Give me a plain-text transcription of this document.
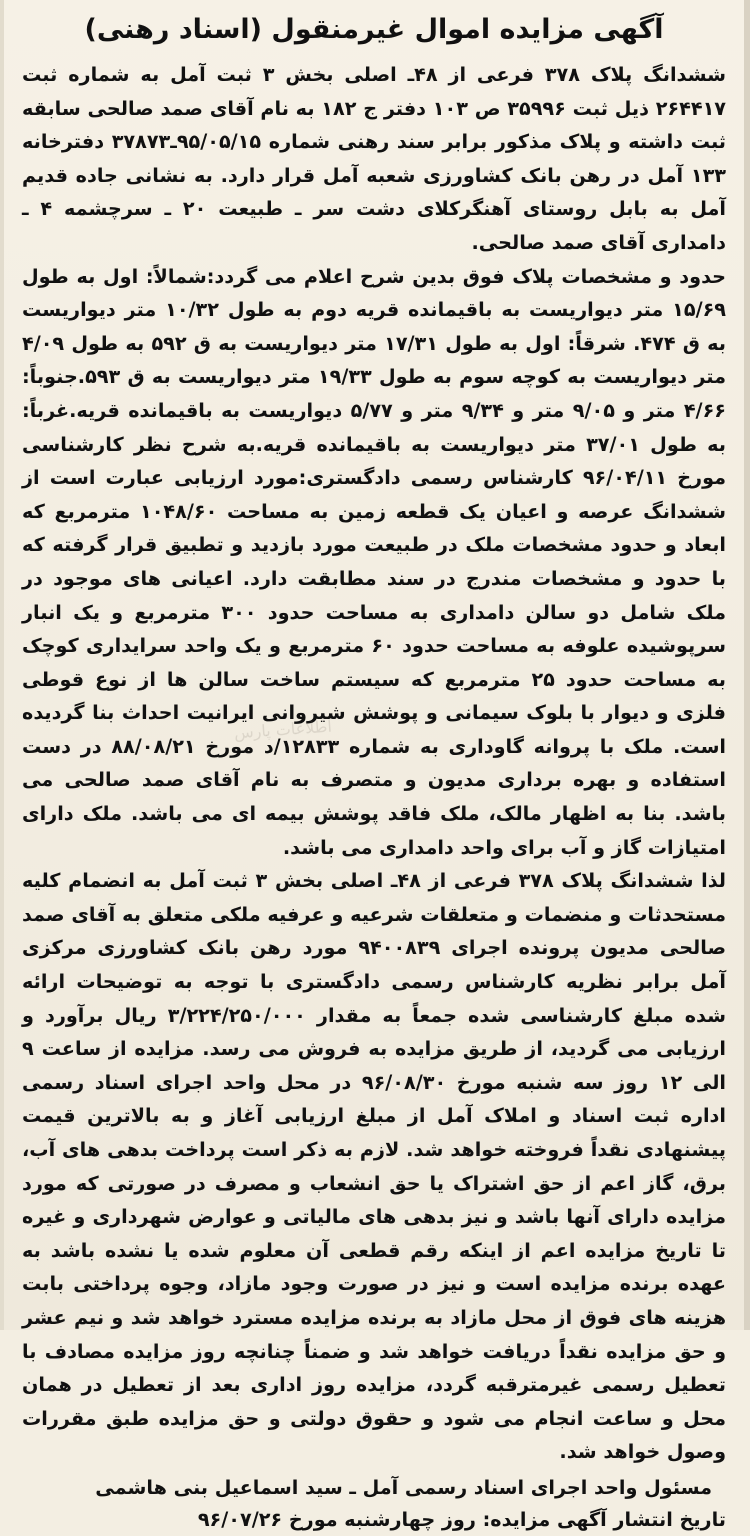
آگهی مزایده اموال غیرمنقول (اسناد رهنی)

ششدانگ پلاک ۳۷۸ فرعی از ۴۸ـ اصلی بخش ۳ ثبت آمل به شماره ثبت ۲۶۴۴۱۷ ذیل ثبت ۳۵۹۹۶ ص ۱۰۳ دفتر ج ۱۸۲ به نام آقای صمد صالحی سابقه ثبت داشته و پلاک مذکور برابر سند رهنی شماره ۹۵/۰۵/۱۵ـ۳۷۸۷۳ دفترخانه ۱۳۳ آمل در رهن بانک کشاورزی شعبه آمل قرار دارد. به نشانی جاده قدیم آمل به بابل روستای آهنگرکلای دشت سر ـ طبیعت ۲۰ ـ سرچشمه ۴ ـ دامداری آقای صمد صالحی.

حدود و مشخصات پلاک فوق بدین شرح اعلام می گردد:شمالاً: اول به طول ۱۵/۶۹ متر دیواریست به باقیمانده قریه دوم به طول ۱۰/۳۲ متر دیواریست به ق ۴۷۴. شرقاً: اول به طول ۱۷/۳۱ متر دیواریست به ق ۵۹۲ به طول ۴/۰۹ متر دیواریست به کوچه سوم به طول ۱۹/۳۳ متر دیواریست به ق ۵۹۳.جنوباً: ۴/۶۶ متر و ۹/۰۵ متر و ۹/۳۴ متر و ۵/۷۷ دیواریست به باقیمانده قریه.غرباً: به طول ۳۷/۰۱ متر دیواریست به باقیمانده قریه.به شرح نظر کارشناسی مورخ ۹۶/۰۴/۱۱ کارشناس رسمی دادگستری:مورد ارزیابی عبارت است از ششدانگ عرصه و اعیان یک قطعه زمین به مساحت ۱۰۴۸/۶۰ مترمربع که ابعاد و حدود مشخصات ملک در طبیعت مورد بازدید و تطبیق قرار گرفته که با حدود و مشخصات مندرج در سند مطابقت دارد. اعیانی های موجود در ملک شامل دو سالن دامداری به مساحت حدود ۳۰۰ مترمربع و یک انبار سرپوشیده علوفه به مساحت حدود ۶۰ مترمربع و یک واحد سرایداری کوچک به مساحت حدود ۲۵ مترمربع که سیستم ساخت سالن ها از نوع قوطی فلزی و دیوار با بلوک سیمانی و پوشش شیروانی ایرانیت احداث بنا گردیده است. ملک با پروانه گاوداری به شماره ۱۲۸۳۳/د مورخ ۸۸/۰۸/۲۱ در دست استفاده و بهره برداری مدیون و متصرف به نام آقای صمد صالحی می باشد. بنا به اظهار مالک، ملک فاقد پوشش بیمه ای می باشد. ملک دارای امتیازات گاز و آب برای واحد دامداری می باشد.

لذا ششدانگ پلاک ۳۷۸ فرعی از ۴۸ـ اصلی بخش ۳ ثبت آمل به انضمام کلیه مستحدثات و منضمات و متعلقات شرعیه و عرفیه ملکی متعلق به آقای صمد صالحی مدیون پرونده اجرای ۹۴۰۰۸۳۹ مورد رهن بانک کشاورزی مرکزی آمل برابر نظریه کارشناس رسمی دادگستری با توجه به توضیحات ارائه شده مبلغ کارشناسی شده جمعاً به مقدار ۳/۲۲۴/۲۵۰/۰۰۰ ریال برآورد و ارزیابی می گردید، از طریق مزایده به فروش می رسد. مزایده از ساعت ۹ الی ۱۲ روز سه شنبه مورخ ۹۶/۰۸/۳۰ در محل واحد اجرای اسناد رسمی اداره ثبت اسناد و املاک آمل از مبلغ ارزیابی آغاز و به بالاترین قیمت پیشنهادی نقداً فروخته خواهد شد. لازم به ذکر است پرداخت بدهی های آب، برق، گاز اعم از حق اشتراک یا حق انشعاب و مصرف در صورتی که مورد مزایده دارای آنها باشد و نیز بدهی های مالیاتی و عوارض شهرداری و غیره تا تاریخ مزایده اعم از اینکه رقم قطعی آن معلوم شده یا نشده باشد به عهده برنده مزایده است و نیز در صورت وجود مازاد، وجوه پرداختی بابت هزینه های فوق از محل مازاد به برنده مزایده مسترد خواهد شد و نیم عشر و حق مزایده نقداً دریافت خواهد شد و ضمناً چنانچه روز مزایده مصادف با تعطیل رسمی غیرمترقبه گردد، مزایده روز اداری بعد از تعطیل در همان محل و ساعت انجام می شود و حقوق دولتی و حق مزایده طبق مقررات وصول خواهد شد.

مسئول واحد اجرای اسناد رسمی آمل ـ سید اسماعیل بنی هاشمی
تاریخ انتشار آگهی مزایده: روز چهارشنبه مورخ ۹۶/۰۷/۲۶
اطلاعات پارس
